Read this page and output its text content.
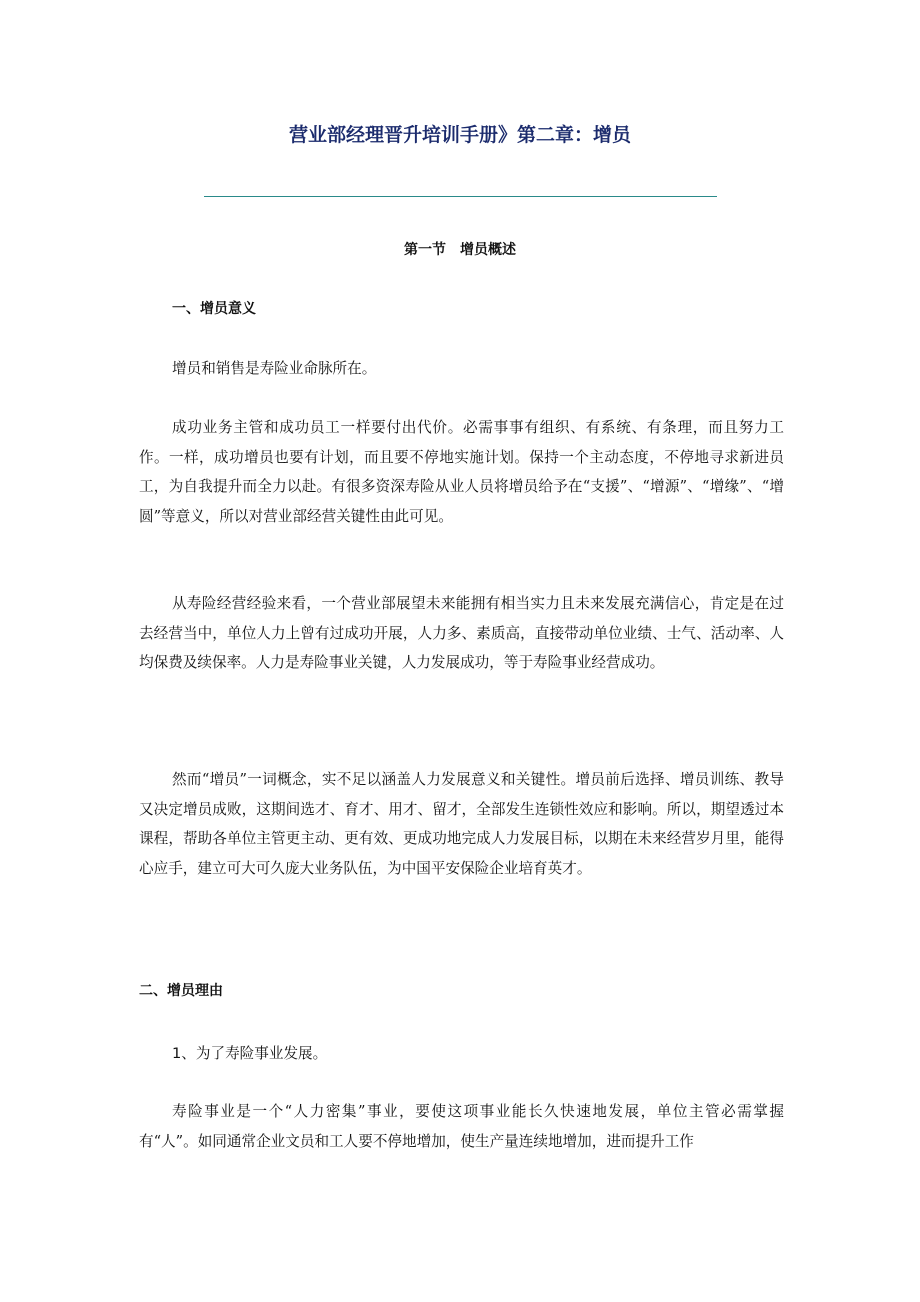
营业部经理晋升培训手册》第二章：增员
第一节　增员概述
一、增员意义

增员和销售是寿险业命脉所在。

成功业务主管和成功员工一样要付出代价。必需事事有组织、有系统、有条理，而且努力工作。一样，成功增员也要有计划，而且要不停地实施计划。保持一个主动态度，不停地寻求新进员工，为自我提升而全力以赴。有很多资深寿险从业人员将增员给予在“支援”、“增源”、“增缘”、“增圆”等意义，所以对营业部经营关键性由此可见。

从寿险经营经验来看，一个营业部展望未来能拥有相当实力且未来发展充满信心，肯定是在过去经营当中，单位人力上曾有过成功开展，人力多、素质高，直接带动单位业绩、士气、活动率、人均保费及续保率。人力是寿险事业关键，人力发展成功，等于寿险事业经营成功。

然而“增员”一词概念，实不足以涵盖人力发展意义和关键性。增员前后选择、增员训练、教导又决定增员成败，这期间选才、育才、用才、留才，全部发生连锁性效应和影响。所以，期望透过本课程，帮助各单位主管更主动、更有效、更成功地完成人力发展目标，以期在未来经营岁月里，能得心应手，建立可大可久庞大业务队伍，为中国平安保险企业培育英才。

二、增员理由

1、为了寿险事业发展。

寿险事业是一个“人力密集”事业，要使这项事业能长久快速地发展，单位主管必需掌握有“人”。如同通常企业文员和工人要不停地增加，使生产量连续地增加，进而提升工作
